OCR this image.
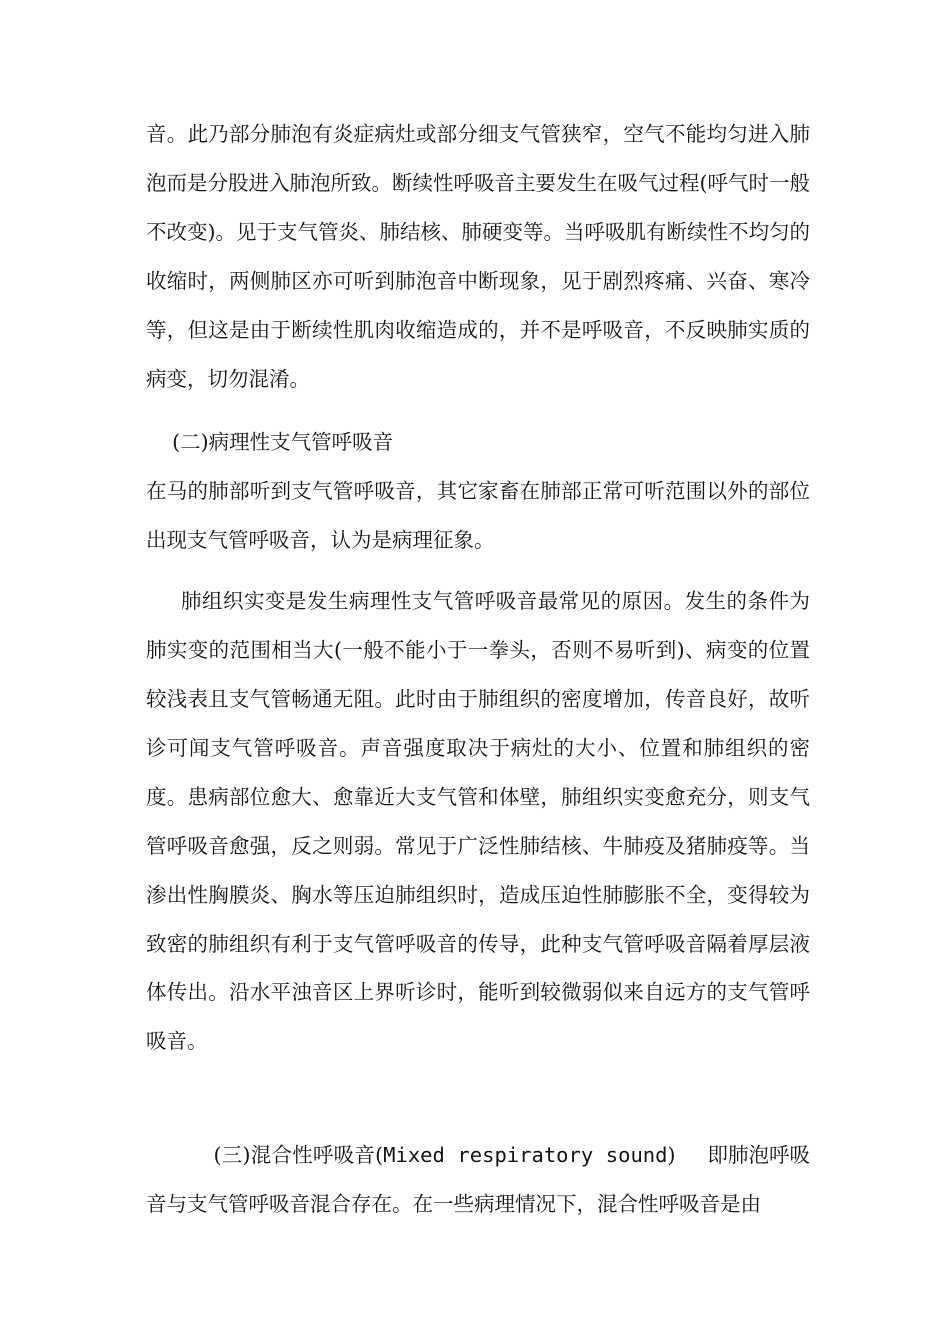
音。此乃部分肺泡有炎症病灶或部分细支气管狭窄，空气不能均匀进入肺泡而是分股进入肺泡所致。断续性呼吸音主要发生在吸气过程(呼气时一般不改变)。见于支气管炎、肺结核、肺硬变等。当呼吸肌有断续性不均匀的收缩时，两侧肺区亦可听到肺泡音中断现象，见于剧烈疼痛、兴奋、寒冷等，但这是由于断续性肌肉收缩造成的，并不是呼吸音，不反映肺实质的病变，切勿混淆。

(二)病理性支气管呼吸音

在马的肺部听到支气管呼吸音，其它家畜在肺部正常可听范围以外的部位出现支气管呼吸音，认为是病理征象。

肺组织实变是发生病理性支气管呼吸音最常见的原因。发生的条件为肺实变的范围相当大(一般不能小于一拳头，否则不易听到)、病变的位置较浅表且支气管畅通无阻。此时由于肺组织的密度增加，传音良好，故听诊可闻支气管呼吸音。声音强度取决于病灶的大小、位置和肺组织的密度。患病部位愈大、愈靠近大支气管和体壁，肺组织实变愈充分，则支气管呼吸音愈强，反之则弱。常见于广泛性肺结核、牛肺疫及猪肺疫等。当渗出性胸膜炎、胸水等压迫肺组织时，造成压迫性肺膨胀不全，变得较为致密的肺组织有利于支气管呼吸音的传导，此种支气管呼吸音隔着厚层液体传出。沿水平浊音区上界听诊时，能听到较微弱似来自远方的支气管呼吸音。

(三)混合性呼吸音(Mixed respiratory sound) 即肺泡呼吸音与支气管呼吸音混合存在。在一些病理情况下，混合性呼吸音是由
